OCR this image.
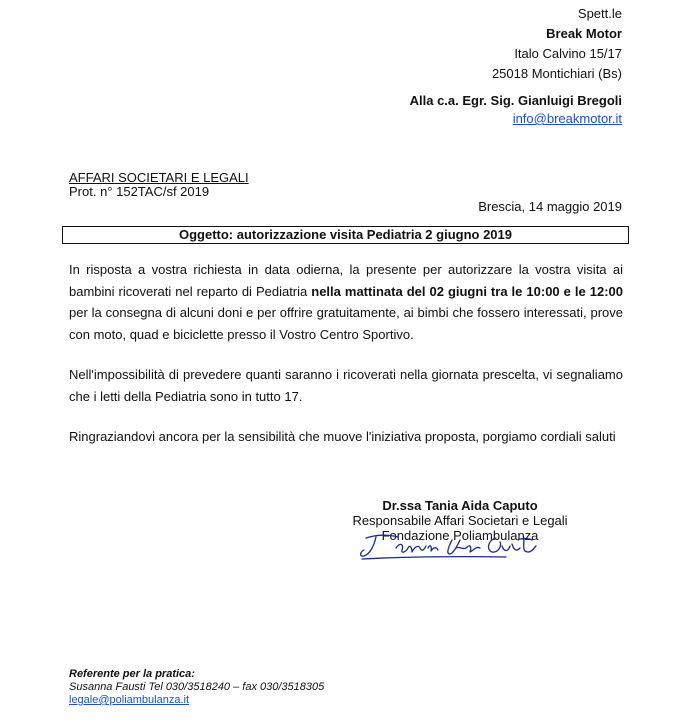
Spett.le
Break Motor
Italo Calvino 15/17
25018 Montichiari (Bs)
Alla c.a. Egr. Sig. Gianluigi Bregoli
info@breakmotor.it
AFFARI SOCIETARI E LEGALI
Prot. n° 152TAC/sf 2019
Brescia, 14 maggio 2019
Oggetto: autorizzazione visita Pediatria 2 giugno 2019

In risposta a vostra richiesta in data odierna, la presente per autorizzare la vostra visita ai bambini ricoverati nel reparto di Pediatria nella mattinata del 02 giugni tra le 10:00 e le 12:00 per la consegna di alcuni doni e per offrire gratuitamente, ai bimbi che fossero interessati, prove con moto, quad e biciclette presso il Vostro Centro Sportivo.

Nell'impossibilità di prevedere quanti saranno i ricoverati nella giornata prescelta, vi segnaliamo che i letti della Pediatria sono in tutto 17.

Ringraziandovi ancora per la sensibilità che muove l'iniziativa proposta, porgiamo cordiali saluti

Dr.ssa Tania Aida Caputo
Responsabile Affari Societari e Legali
Fondazione Poliambulanza
Referente per la pratica:
Susanna Fausti Tel 030/3518240 – fax 030/3518305
legale@poliambulanza.it
